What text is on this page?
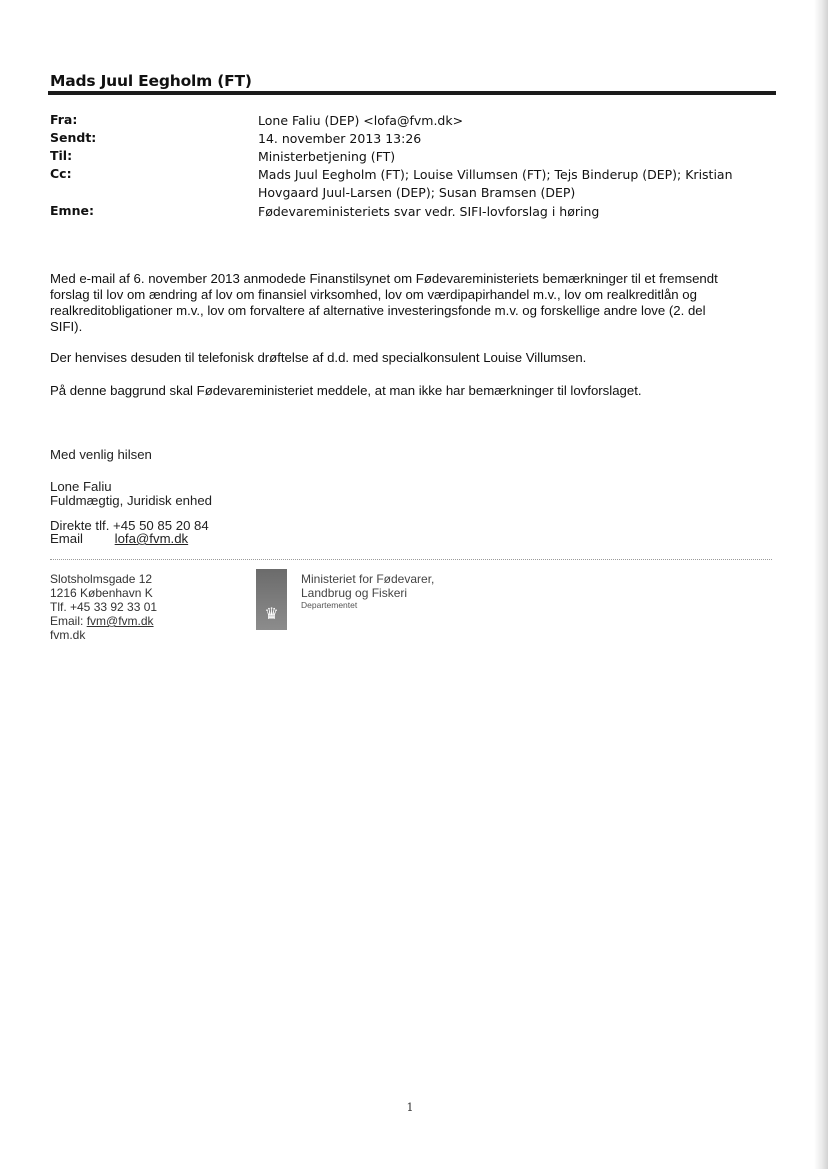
Mads Juul Eegholm (FT)
Fra:	Lone Faliu (DEP) <lofa@fvm.dk>
Sendt:	14. november 2013 13:26
Til:	Ministerbetjening (FT)
Cc:	Mads Juul Eegholm (FT); Louise Villumsen (FT); Tejs Binderup (DEP); Kristian
Hovgaard Juul-Larsen (DEP); Susan Bramsen (DEP)
Emne:	Fødevareministeriets svar vedr. SIFI-lovforslag i høring
Med e-mail af 6. november 2013 anmodede Finanstilsynet om Fødevareministeriets bemærkninger til et fremsendt
forslag til lov om ændring af lov om finansiel virksomhed, lov om værdipapirhandel m.v., lov om realkreditlån og
realkreditobligationer m.v., lov om forvaltere af alternative investeringsfonde m.v. og forskellige andre love (2. del
SIFI).
Der henvises desuden til telefonisk drøftelse af d.d. med specialkonsulent Louise Villumsen.
På denne baggrund skal Fødevareministeriet meddele, at man ikke har bemærkninger til lovforslaget.
Med venlig hilsen
Lone Faliu
Fuldmægtig, Juridisk enhed
Direkte tlf. +45 50 85 20 84
Email lofa@fvm.dk
Slotsholmsgade 12
1216 København K
Tlf. +45 33 92 33 01
Email: fvm@fvm.dk
fvm.dk
♛
Ministeriet for Fødevarer,
Landbrug og Fiskeri
Departementet
1
